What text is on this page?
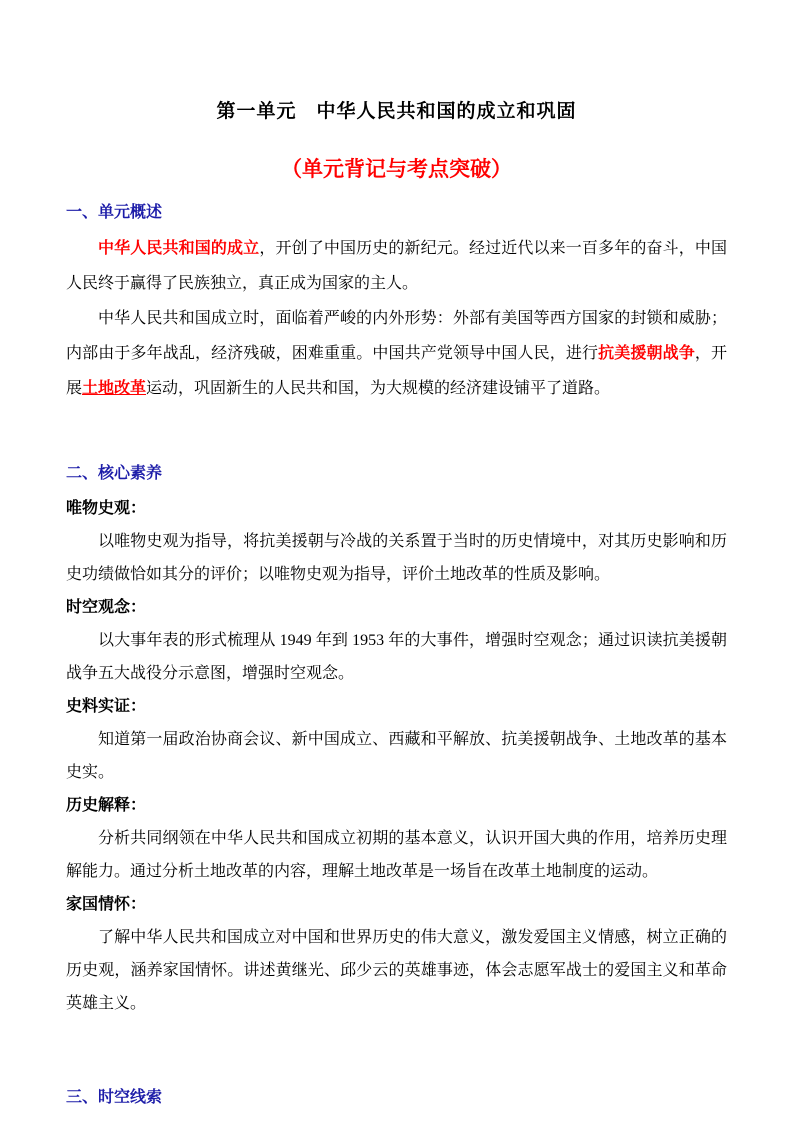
第一单元　中华人民共和国的成立和巩固
（单元背记与考点突破）
一、单元概述

中华人民共和国的成立，开创了中国历史的新纪元。经过近代以来一百多年的奋斗，中国人民终于赢得了民族独立，真正成为国家的主人。

中华人民共和国成立时，面临着严峻的内外形势：外部有美国等西方国家的封锁和威胁；内部由于多年战乱，经济残破，困难重重。中国共产党领导中国人民，进行抗美援朝战争，开展土地改革运动，巩固新生的人民共和国，为大规模的经济建设铺平了道路。

二、核心素养

唯物史观：

以唯物史观为指导，将抗美援朝与冷战的关系置于当时的历史情境中，对其历史影响和历史功绩做恰如其分的评价；以唯物史观为指导，评价土地改革的性质及影响。

时空观念：

以大事年表的形式梳理从 1949 年到 1953 年的大事件，增强时空观念；通过识读抗美援朝战争五大战役分示意图，增强时空观念。

史料实证：

知道第一届政治协商会议、新中国成立、西藏和平解放、抗美援朝战争、土地改革的基本史实。

历史解释：

分析共同纲领在中华人民共和国成立初期的基本意义，认识开国大典的作用，培养历史理解能力。通过分析土地改革的内容，理解土地改革是一场旨在改革土地制度的运动。

家国情怀：

了解中华人民共和国成立对中国和世界历史的伟大意义，激发爱国主义情感，树立正确的历史观，涵养家国情怀。讲述黄继光、邱少云的英雄事迹，体会志愿军战士的爱国主义和革命英雄主义。

三、时空线索
